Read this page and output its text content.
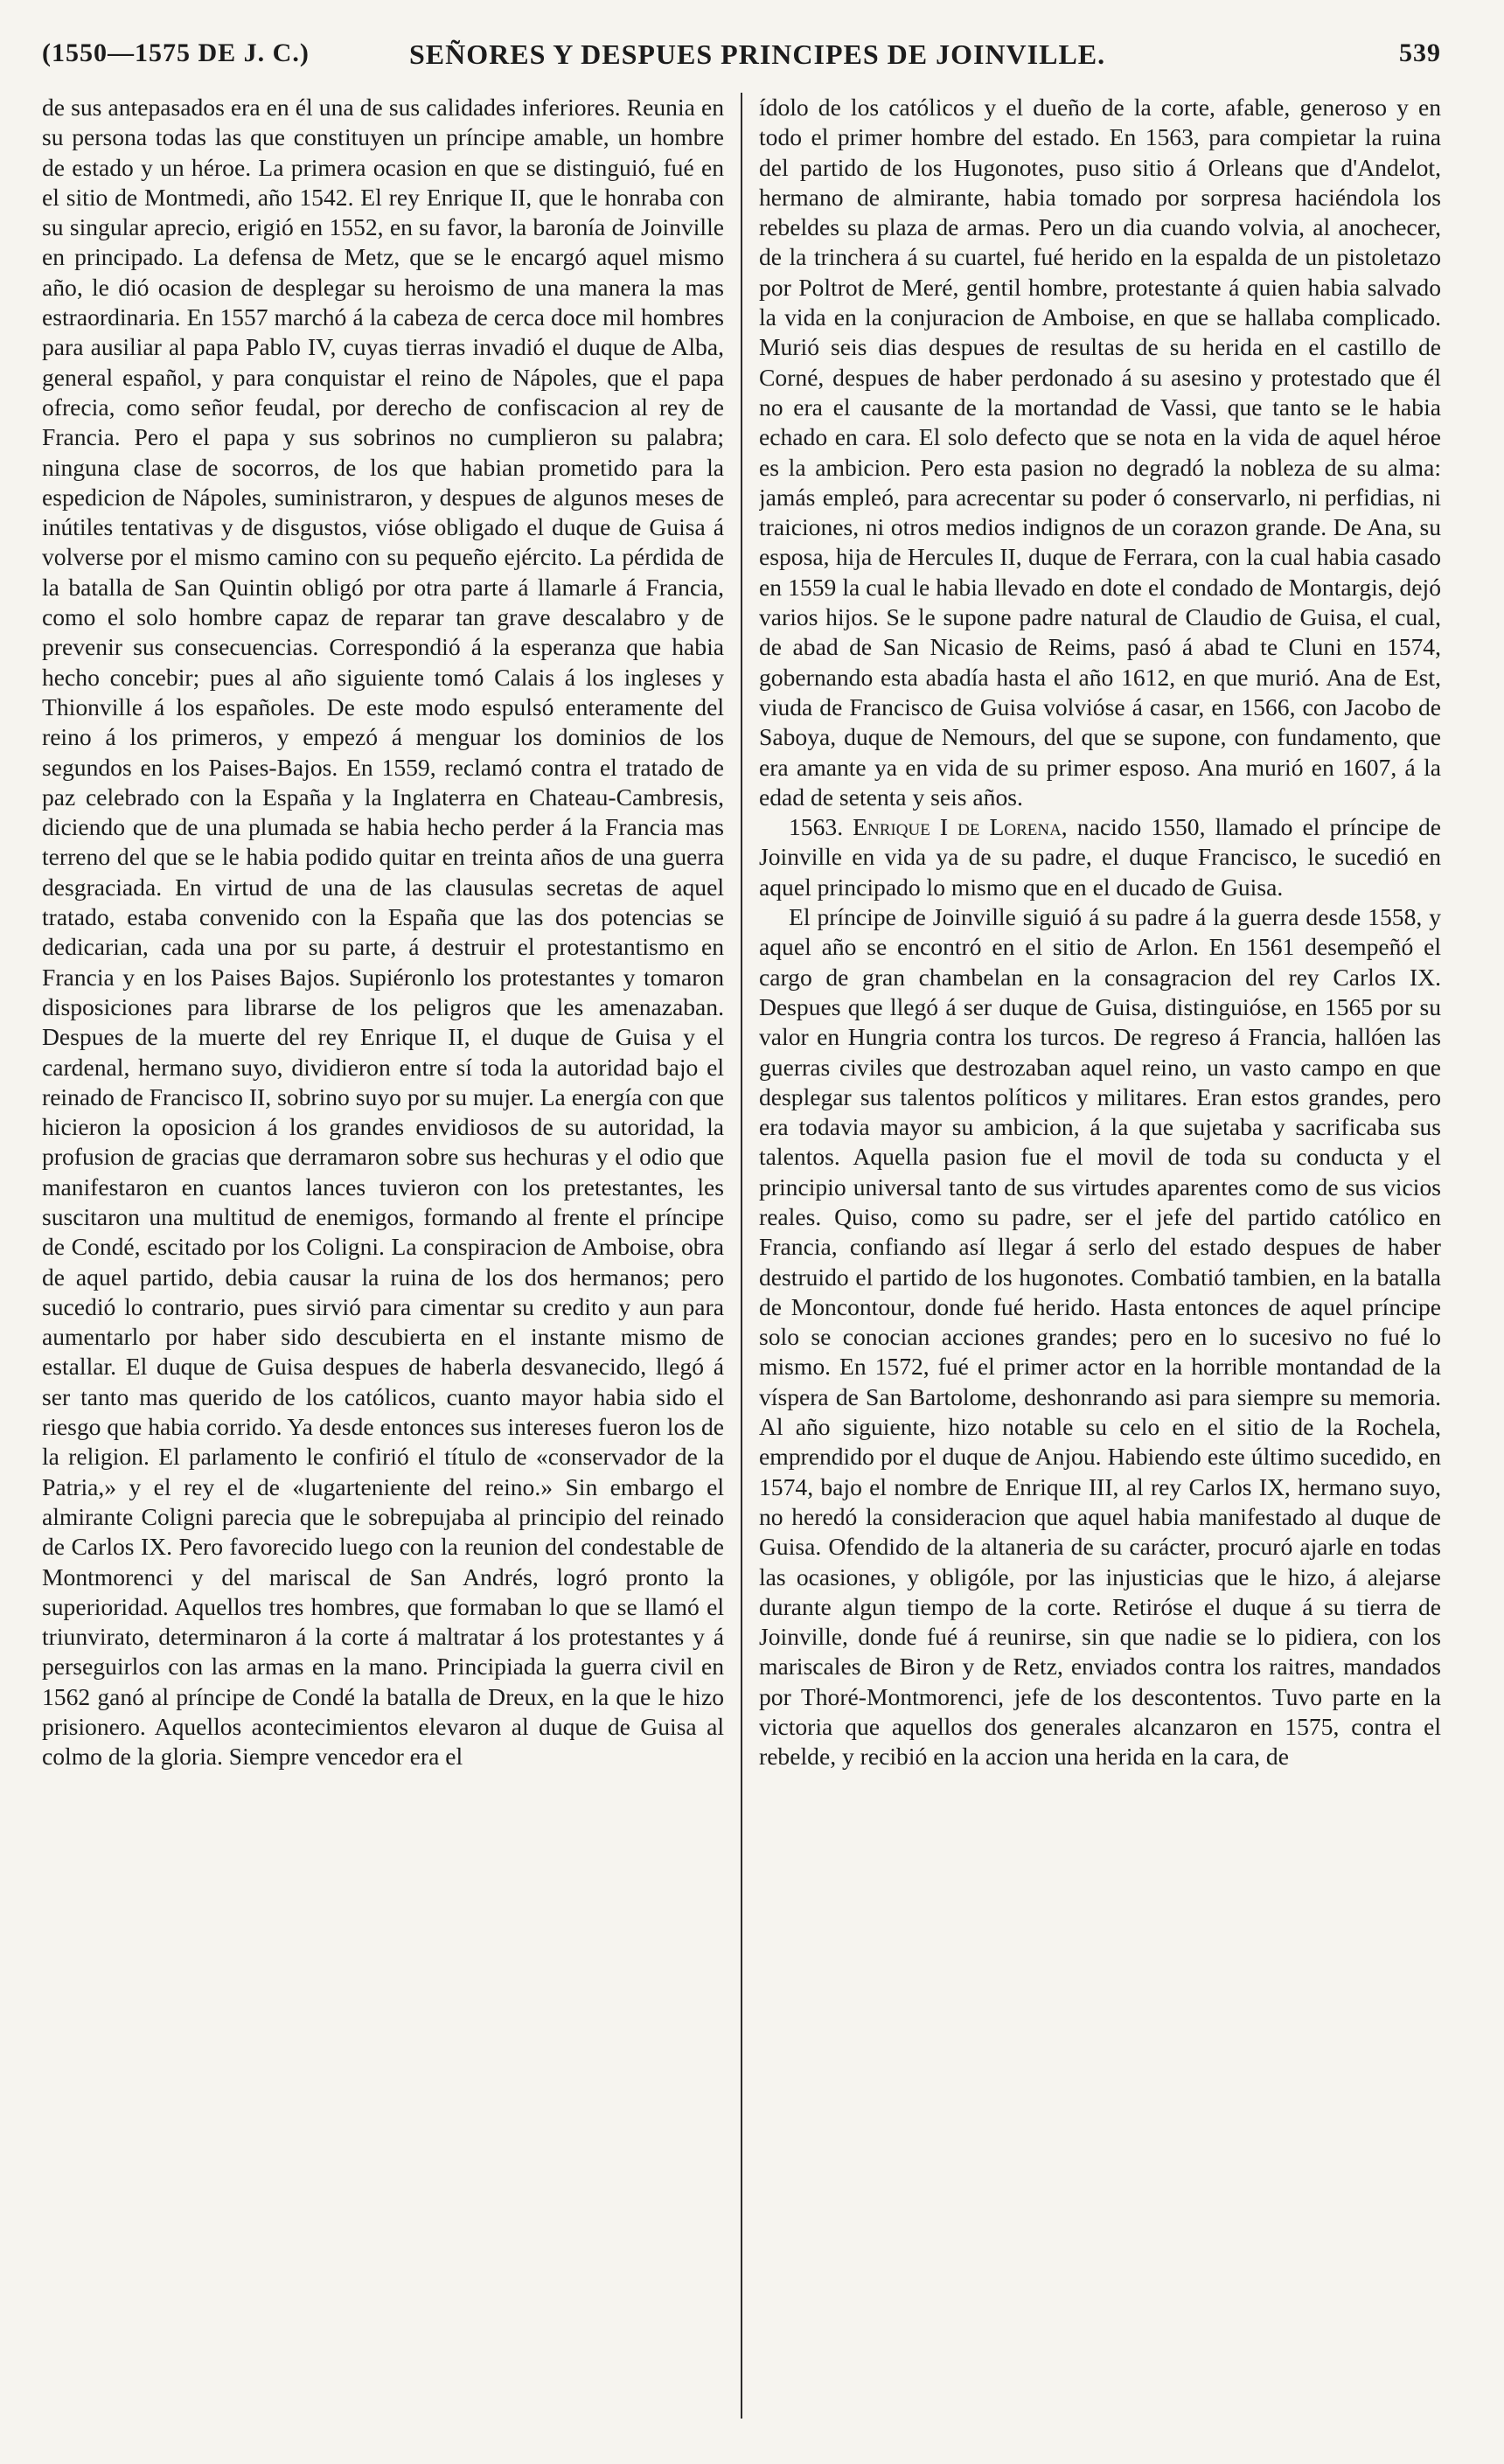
(1550—1575 DE J. C.)	SEÑORES Y DESPUES PRINCIPES DE JOINVILLE.	539

de sus antepasados era en él una de sus calidades inferiores. Reunia en su persona todas las que constituyen un príncipe amable, un hombre de estado y un héroe. La primera ocasion en que se distinguió, fué en el sitio de Montmedi, año 1542. El rey Enrique II, que le honraba con su singular aprecio, erigió en 1552, en su favor, la baronía de Joinville en principado. La defensa de Metz, que se le encargó aquel mismo año, le dió ocasion de desplegar su heroismo de una manera la mas estraordinaria. En 1557 marchó á la cabeza de cerca doce mil hombres para ausiliar al papa Pablo IV, cuyas tierras invadió el duque de Alba, general español, y para conquistar el reino de Nápoles, que el papa ofrecia, como señor feudal, por derecho de confiscacion al rey de Francia. Pero el papa y sus sobrinos no cumplieron su palabra; ninguna clase de socorros, de los que habian prometido para la espedicion de Nápoles, suministraron, y despues de algunos meses de inútiles tentativas y de disgustos, vióse obligado el duque de Guisa á volverse por el mismo camino con su pequeño ejército. La pérdida de la batalla de San Quintin obligó por otra parte á llamarle á Francia, como el solo hombre capaz de reparar tan grave descalabro y de prevenir sus consecuencias. Correspondió á la esperanza que habia hecho concebir; pues al año siguiente tomó Calais á los ingleses y Thionville á los españoles. De este modo espulsó enteramente del reino á los primeros, y empezó á menguar los dominios de los segundos en los Paises-Bajos. En 1559, reclamó contra el tratado de paz celebrado con la España y la Inglaterra en Chateau-Cambresis, diciendo que de una plumada se habia hecho perder á la Francia mas terreno del que se le habia podido quitar en treinta años de una guerra desgraciada. En virtud de una de las clausulas secretas de aquel tratado, estaba convenido con la España que las dos potencias se dedicarian, cada una por su parte, á destruir el protestantismo en Francia y en los Paises Bajos. Supiéronlo los protestantes y tomaron disposiciones para librarse de los peligros que les amenazaban. Despues de la muerte del rey Enrique II, el duque de Guisa y el cardenal, hermano suyo, dividieron entre sí toda la autoridad bajo el reinado de Francisco II, sobrino suyo por su mujer. La energía con que hicieron la oposicion á los grandes envidiosos de su autoridad, la profusion de gracias que derramaron sobre sus hechuras y el odio que manifestaron en cuantos lances tuvieron con los pretestantes, les suscitaron una multitud de enemigos, formando al frente el príncipe de Condé, escitado por los Coligni. La conspiracion de Amboise, obra de aquel partido, debia causar la ruina de los dos hermanos; pero sucedió lo contrario, pues sirvió para cimentar su credito y aun para aumentarlo por haber sido descubierta en el instante mismo de estallar. El duque de Guisa despues de haberla desvanecido, llegó á ser tanto mas querido de los católicos, cuanto mayor habia sido el riesgo que habia corrido. Ya desde entonces sus intereses fueron los de la religion. El parlamento le confirió el título de «conservador de la Patria,» y el rey el de «lugarteniente del reino.» Sin embargo el almirante Coligni parecia que le sobrepujaba al principio del reinado de Carlos IX. Pero favorecido luego con la reunion del condestable de Montmorenci y del mariscal de San Andrés, logró pronto la superioridad. Aquellos tres hombres, que formaban lo que se llamó el triunvirato, determinaron á la corte á maltratar á los protestantes y á perseguirlos con las armas en la mano. Principiada la guerra civil en 1562 ganó al príncipe de Condé la batalla de Dreux, en la que le hizo prisionero. Aquellos acontecimientos elevaron al duque de Guisa al colmo de la gloria. Siempre vencedor era el

ídolo de los católicos y el dueño de la corte, afable, generoso y en todo el primer hombre del estado. En 1563, para compietar la ruina del partido de los Hugonotes, puso sitio á Orleans que d'Andelot, hermano de almirante, habia tomado por sorpresa haciéndola los rebeldes su plaza de armas. Pero un dia cuando volvia, al anochecer, de la trinchera á su cuartel, fué herido en la espalda de un pistoletazo por Poltrot de Meré, gentil hombre, protestante á quien habia salvado la vida en la conjuracion de Amboise, en que se hallaba complicado. Murió seis dias despues de resultas de su herida en el castillo de Corné, despues de haber perdonado á su asesino y protestado que él no era el causante de la mortandad de Vassi, que tanto se le habia echado en cara. El solo defecto que se nota en la vida de aquel héroe es la ambicion. Pero esta pasion no degradó la nobleza de su alma: jamás empleó, para acrecentar su poder ó conservarlo, ni perfidias, ni traiciones, ni otros medios indignos de un corazon grande. De Ana, su esposa, hija de Hercules II, duque de Ferrara, con la cual habia casado en 1559 la cual le habia llevado en dote el condado de Montargis, dejó varios hijos. Se le supone padre natural de Claudio de Guisa, el cual, de abad de San Nicasio de Reims, pasó á abad te Cluni en 1574, gobernando esta abadía hasta el año 1612, en que murió. Ana de Est, viuda de Francisco de Guisa volvióse á casar, en 1566, con Jacobo de Saboya, duque de Nemours, del que se supone, con fundamento, que era amante ya en vida de su primer esposo. Ana murió en 1607, á la edad de setenta y seis años.

1563. Enrique I de Lorena, nacido 1550, llamado el príncipe de Joinville en vida ya de su padre, el duque Francisco, le sucedió en aquel principado lo mismo que en el ducado de Guisa.

El príncipe de Joinville siguió á su padre á la guerra desde 1558, y aquel año se encontró en el sitio de Arlon. En 1561 desempeñó el cargo de gran chambelan en la consagracion del rey Carlos IX. Despues que llegó á ser duque de Guisa, distinguióse, en 1565 por su valor en Hungria contra los turcos. De regreso á Francia, hallóen las guerras civiles que destrozaban aquel reino, un vasto campo en que desplegar sus talentos políticos y militares. Eran estos grandes, pero era todavia mayor su ambicion, á la que sujetaba y sacrificaba sus talentos. Aquella pasion fue el movil de toda su conducta y el principio universal tanto de sus virtudes aparentes como de sus vicios reales. Quiso, como su padre, ser el jefe del partido católico en Francia, confiando así llegar á serlo del estado despues de haber destruido el partido de los hugonotes. Combatió tambien, en la batalla de Moncontour, donde fué herido. Hasta entonces de aquel príncipe solo se conocian acciones grandes; pero en lo sucesivo no fué lo mismo. En 1572, fué el primer actor en la horrible montandad de la víspera de San Bartolome, deshonrando asi para siempre su memoria. Al año siguiente, hizo notable su celo en el sitio de la Rochela, emprendido por el duque de Anjou. Habiendo este último sucedido, en 1574, bajo el nombre de Enrique III, al rey Carlos IX, hermano suyo, no heredó la consideracion que aquel habia manifestado al duque de Guisa. Ofendido de la altaneria de su carácter, procuró ajarle en todas las ocasiones, y obligóle, por las injusticias que le hizo, á alejarse durante algun tiempo de la corte. Retiróse el duque á su tierra de Joinville, donde fué á reunirse, sin que nadie se lo pidiera, con los mariscales de Biron y de Retz, enviados contra los raitres, mandados por Thoré-Montmorenci, jefe de los descontentos. Tuvo parte en la victoria que aquellos dos generales alcanzaron en 1575, contra el rebelde, y recibió en la accion una herida en la cara, de
